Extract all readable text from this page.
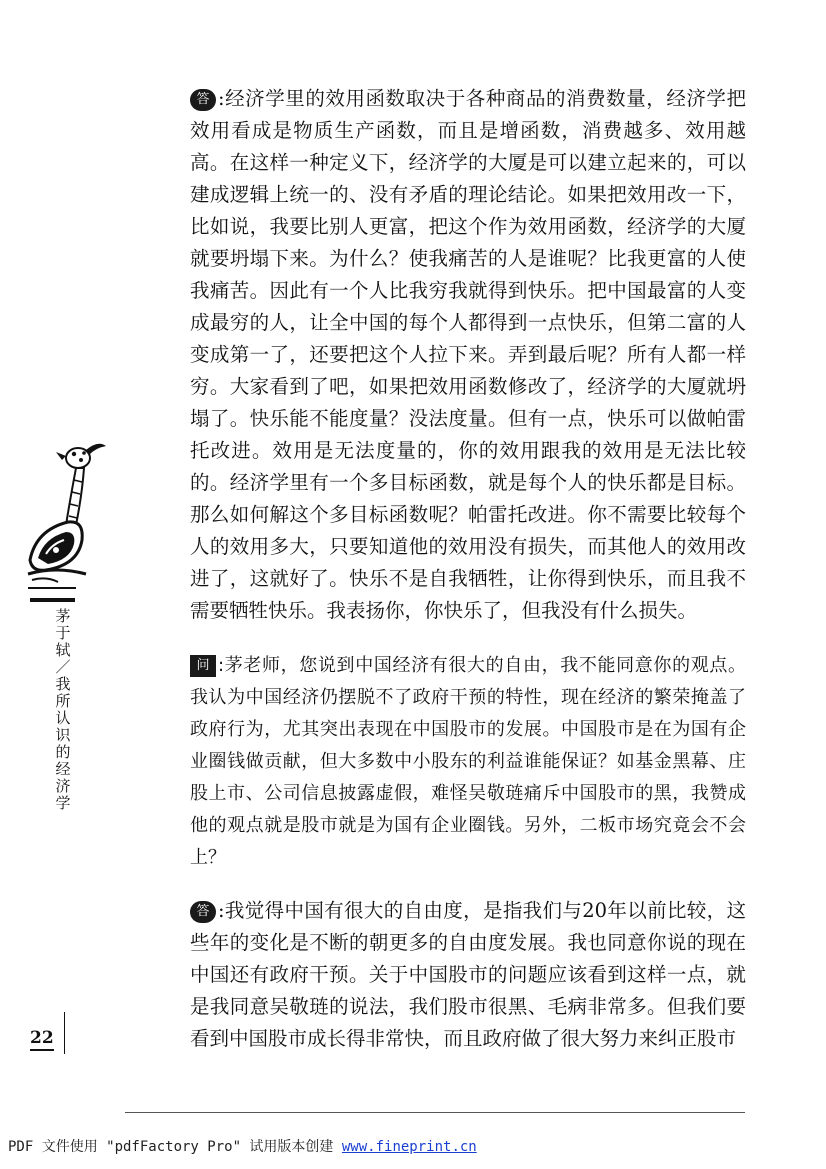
茅于轼／我所认识的经济学
答 :经济学里的效用函数取决于各种商品的消费数量，经济学把效用看成是物质生产函数，而且是增函数，消费越多、效用越高。在这样一种定义下，经济学的大厦是可以建立起来的，可以建成逻辑上统一的、没有矛盾的理论结论。如果把效用改一下，比如说，我要比别人更富，把这个作为效用函数，经济学的大厦就要坍塌下来。为什么？使我痛苦的人是谁呢？比我更富的人使我痛苦。因此有一个人比我穷我就得到快乐。把中国最富的人变成最穷的人，让全中国的每个人都得到一点快乐，但第二富的人变成第一了，还要把这个人拉下来。弄到最后呢？所有人都一样穷。大家看到了吧，如果把效用函数修改了，经济学的大厦就坍塌了。快乐能不能度量？没法度量。但有一点，快乐可以做帕雷托改进。效用是无法度量的，你的效用跟我的效用是无法比较的。经济学里有一个多目标函数，就是每个人的快乐都是目标。那么如何解这个多目标函数呢？帕雷托改进。你不需要比较每个人的效用多大，只要知道他的效用没有损失，而其他人的效用改进了，这就好了。快乐不是自我牺牲，让你得到快乐，而且我不需要牺牲快乐。我表扬你，你快乐了，但我没有什么损失。
问 :茅老师，您说到中国经济有很大的自由，我不能同意你的观点。我认为中国经济仍摆脱不了政府干预的特性，现在经济的繁荣掩盖了政府行为，尤其突出表现在中国股市的发展。中国股市是在为国有企业圈钱做贡献，但大多数中小股东的利益谁能保证？如基金黑幕、庄股上市、公司信息披露虚假，难怪吴敬琏痛斥中国股市的黑，我赞成他的观点就是股市就是为国有企业圈钱。另外，二板市场究竟会不会上？
答 :我觉得中国有很大的自由度，是指我们与20年以前比较，这些年的变化是不断的朝更多的自由度发展。我也同意你说的现在中国还有政府干预。关于中国股市的问题应该看到这样一点，就是我同意吴敬琏的说法，我们股市很黑、毛病非常多。但我们要看到中国股市成长得非常快，而且政府做了很大努力来纠正股市
22
PDF 文件使用 "pdfFactory Pro" 试用版本创建 www.fineprint.cn
